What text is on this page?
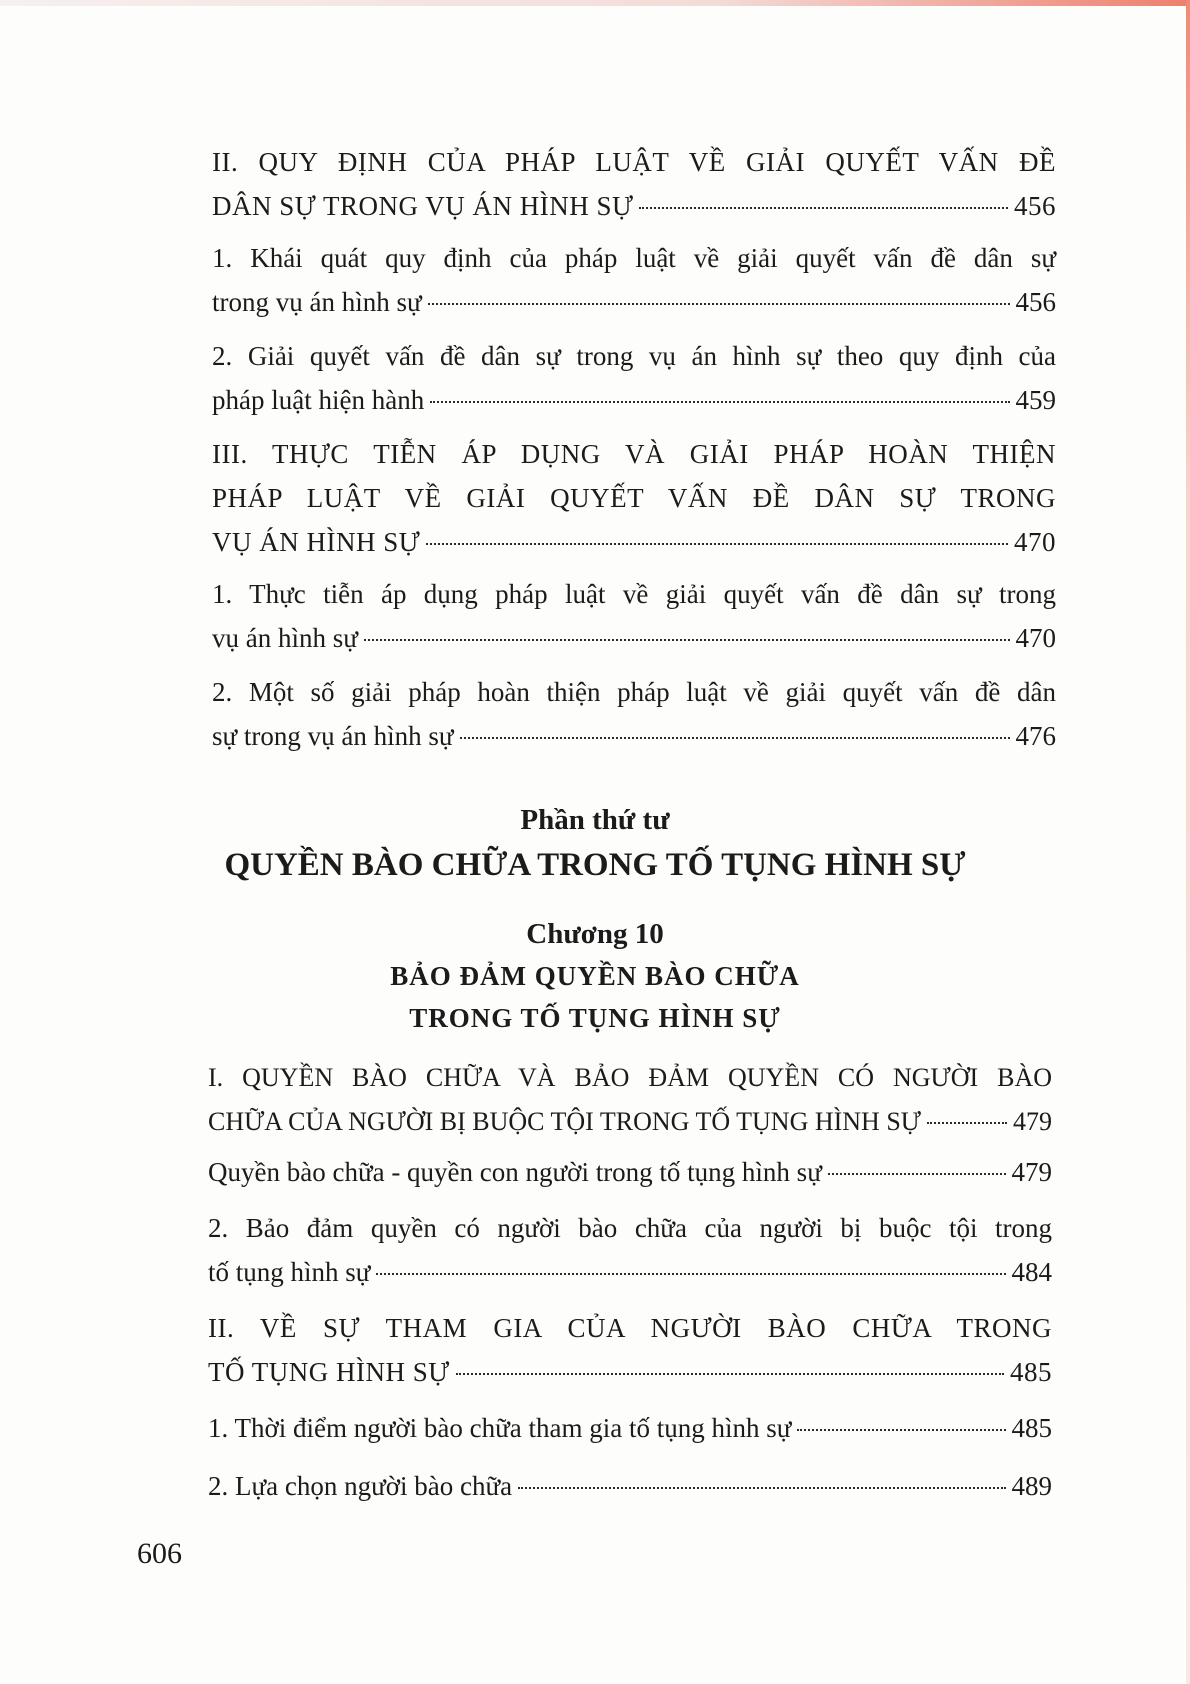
II. QUY ĐỊNH CỦA PHÁP LUẬT VỀ GIẢI QUYẾT VẤN ĐỀ
DÂN SỰ TRONG VỤ ÁN HÌNH SỰ	456
1. Khái quát quy định của pháp luật về giải quyết vấn đề dân sự
trong vụ án hình sự	456
2. Giải quyết vấn đề dân sự trong vụ án hình sự theo quy định của
pháp luật hiện hành	459
III. THỰC TIỄN ÁP DỤNG VÀ GIẢI PHÁP HOÀN THIỆN
PHÁP LUẬT VỀ GIẢI QUYẾT VẤN ĐỀ DÂN SỰ TRONG
VỤ ÁN HÌNH SỰ	470
1. Thực tiễn áp dụng pháp luật về giải quyết vấn đề dân sự trong
vụ án hình sự	470
2. Một số giải pháp hoàn thiện pháp luật về giải quyết vấn đề dân
sự trong vụ án hình sự	476
Phần thứ tư
QUYỀN BÀO CHỮA TRONG TỐ TỤNG HÌNH SỰ
Chương 10
BẢO ĐẢM QUYỀN BÀO CHỮA
TRONG TỐ TỤNG HÌNH SỰ
I. QUYỀN BÀO CHỮA VÀ BẢO ĐẢM QUYỀN CÓ NGƯỜI BÀO
CHỮA CỦA NGƯỜI BỊ BUỘC TỘI TRONG TỐ TỤNG HÌNH SỰ	479
Quyền bào chữa - quyền con người trong tố tụng hình sự	479
2. Bảo đảm quyền có người bào chữa của người bị buộc tội trong
tố tụng hình sự	484
II. VỀ SỰ THAM GIA CỦA NGƯỜI BÀO CHỮA TRONG
TỐ TỤNG HÌNH SỰ	485
1. Thời điểm người bào chữa tham gia tố tụng hình sự	485
2. Lựa chọn người bào chữa	489
606
